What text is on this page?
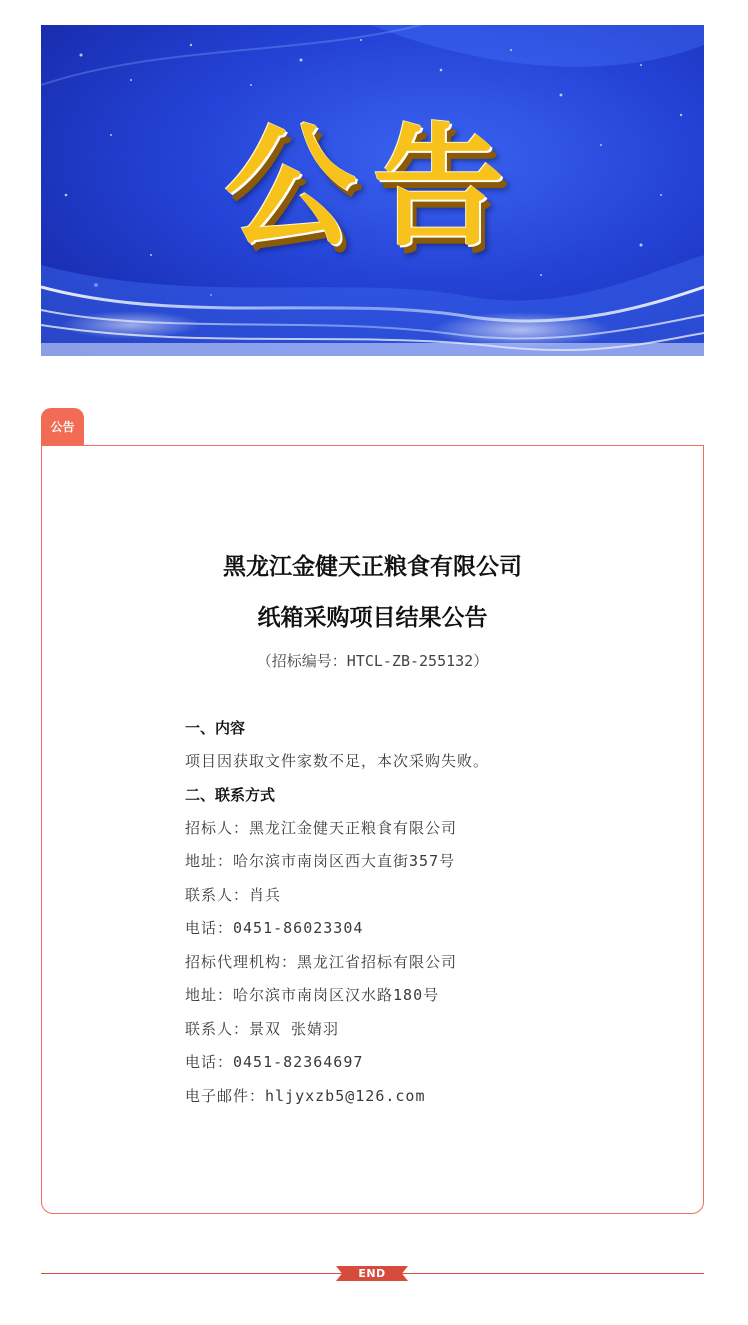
公告
公告
黑龙江金健天正粮食有限公司
纸箱采购项目结果公告
（招标编号：HTCL-ZB-255132）
一、内容
项目因获取文件家数不足，本次采购失败。
二、联系方式
招标人：黑龙江金健天正粮食有限公司
地址：哈尔滨市南岗区西大直街357号
联系人：肖兵
电话：0451-86023304
招标代理机构：黑龙江省招标有限公司
地址：哈尔滨市南岗区汉水路180号
联系人：景双 张婧羽
电话：0451-82364697
电子邮件：hljyxzb5@126.com
END
